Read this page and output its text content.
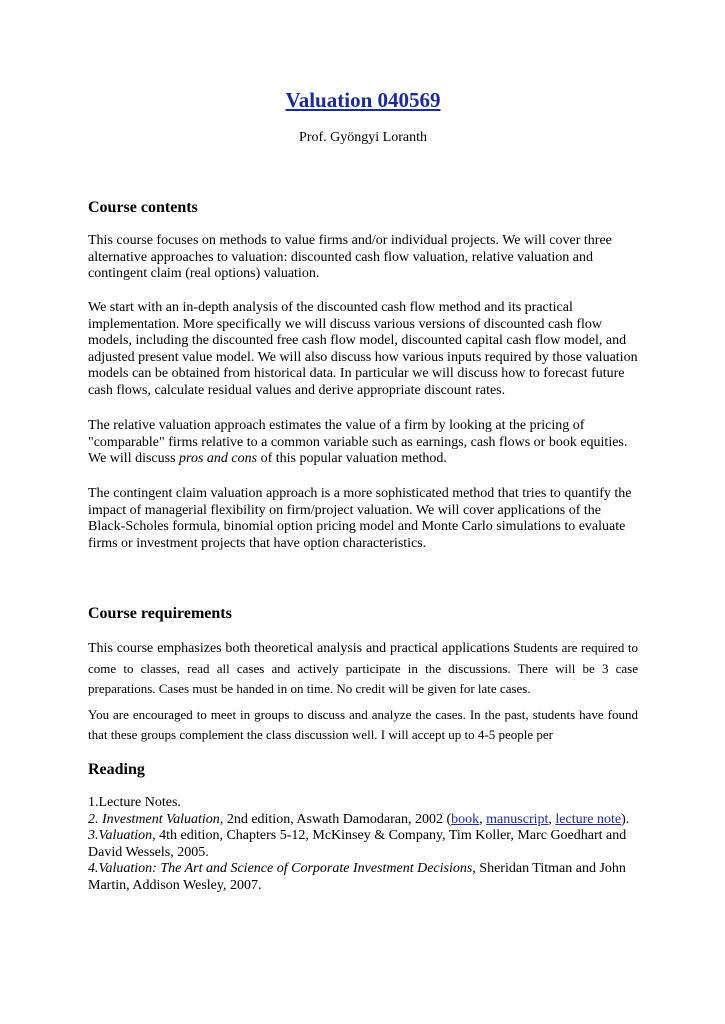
Valuation 040569
Prof. Gyöngyi Loranth
Course contents

This course focuses on methods to value firms and/or individual projects. We will cover three alternative approaches to valuation: discounted cash flow valuation, relative valuation and contingent claim (real options) valuation.

We start with an in-depth analysis of the discounted cash flow method and its practical implementation. More specifically we will discuss various versions of discounted cash flow models, including the discounted free cash flow model, discounted capital cash flow model, and adjusted present value model. We will also discuss how various inputs required by those valuation models can be obtained from historical data. In particular we will discuss how to forecast future cash flows, calculate residual values and derive appropriate discount rates.

The relative valuation approach estimates the value of a firm by looking at the pricing of "comparable" firms relative to a common variable such as earnings, cash flows or book equities. We will discuss pros and cons of this popular valuation method.

The contingent claim valuation approach is a more sophisticated method that tries to quantify the impact of managerial flexibility on firm/project valuation. We will cover applications of the Black-Scholes formula, binomial option pricing model and Monte Carlo simulations to evaluate firms or investment projects that have option characteristics.

Course requirements

This course emphasizes both theoretical analysis and practical applications Students are required to come to classes, read all cases and actively participate in the discussions. There will be 3 case preparations. Cases must be handed in on time. No credit will be given for late cases.

You are encouraged to meet in groups to discuss and analyze the cases. In the past, students have found that these groups complement the class discussion well. I will accept up to 4-5 people per

Reading

1.Lecture Notes.
2. Investment Valuation, 2nd edition, Aswath Damodaran, 2002 (book, manuscript, lecture note).
3.Valuation, 4th edition, Chapters 5-12, McKinsey & Company, Tim Koller, Marc Goedhart and David Wessels, 2005.
4.Valuation: The Art and Science of Corporate Investment Decisions, Sheridan Titman and John Martin, Addison Wesley, 2007.
